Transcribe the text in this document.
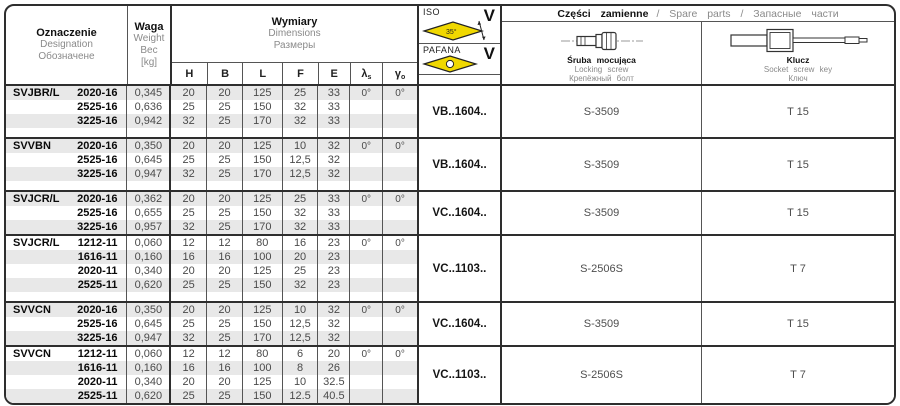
Oznaczenie
Designation
Обозначене
Waga
Weight
Вес
[kg]
Wymiary
Dimensions
Размеры
H	B	L	F	E	λ s γ o
ISO	V
35°
PAFANA V
Części zamienne / Spare parts / Запасные части
Śruba mocująca
Locking screw
Крепёжный болт
Klucz
Socket screw key
Ключ
SVJBR/L 2020-16	0,345	20	20	125	25	33	0°	0°
2525-16	0,636	25	25	150	32	33
3225-16	0,942	32	25	170	32	33
VB..1604..	S-3509	T 15
SVVBN 2020-16	0,350	20	20	125	10	32	0°	0°
2525-16	0,645	25	25	150	12,5	32
3225-16	0,947	32	25	170	12,5	32
VB..1604..	S-3509	T 15
SVJCR/L 2020-16	0,362	20	20	125	25	33	0°	0°
2525-16	0,655	25	25	150	32	33
3225-16	0,957	32	25	170	32	33
VC..1604..	S-3509	T 15
SVJCR/L 1212-11	0,060	12	12	80	16	23	0°	0°
1616-11	0,160	16	16	100	20	23
2020-11	0,340	20	20	125	25	23
2525-11	0,620	25	25	150	32	23
VC..1103..	S-2506S	T 7
SVVCN 2020-16	0,350	20	20	125	10	32	0°	0°
2525-16	0,645	25	25	150	12,5	32
3225-16	0,947	32	25	170	12,5	32
VC..1604..	S-3509	T 15
SVVCN 1212-11	0,060	12	12	80	6	20	0°	0°
1616-11	0,160	16	16	100	8	26
2020-11	0,340	20	20	125	10	32.5
2525-11	0,620	25	25	150	12.5	40.5
VC..1103..	S-2506S	T 7
